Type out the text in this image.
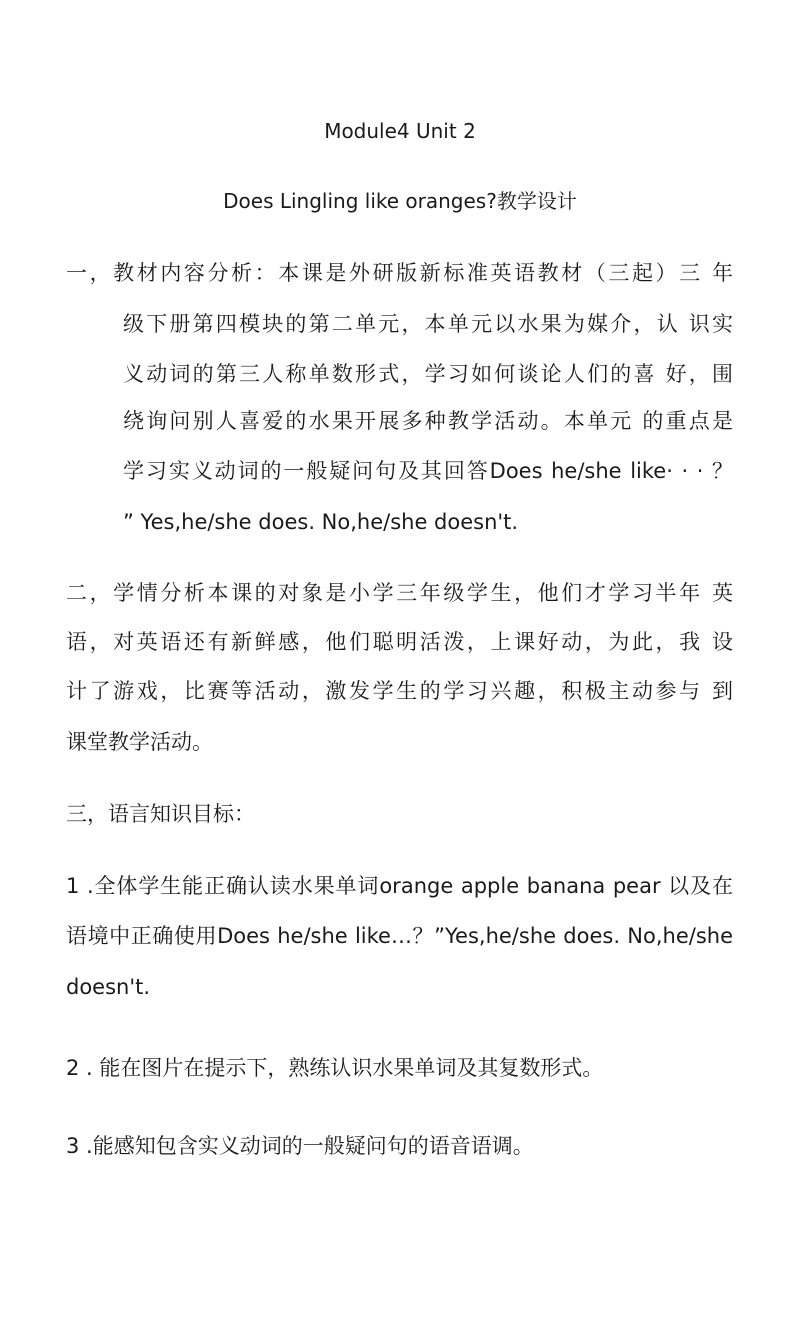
Module4 Unit 2
Does Lingling like oranges?教学设计
一，教材内容分析：本课是外研版新标准英语教材（三起）三 年
级下册第四模块的第二单元，本单元以水果为媒介，认 识实
义动词的第三人称单数形式，学习如何谈论人们的喜 好，围
绕询问别人喜爱的水果开展多种教学活动。本单元 的重点是
学习实义动词的一般疑问句及其回答Does he/she like· · · ？
” Yes,he/she does. No,he/she doesn't.
二，学情分析本课的对象是小学三年级学生，他们才学习半年 英
语，对英语还有新鲜感，他们聪明活泼，上课好动，为此，我 设
计了游戏，比赛等活动，激发学生的学习兴趣，积极主动参与 到
课堂教学活动。
三，语言知识目标：
1 .全体学生能正确认读水果单词orange apple banana pear 以及在
语境中正确使用Does he/she like…？”Yes,he/she does. No,he/she
doesn't.
2 . 能在图片在提示下，熟练认识水果单词及其复数形式。
3 .能感知包含实义动词的一般疑问句的语音语调。
